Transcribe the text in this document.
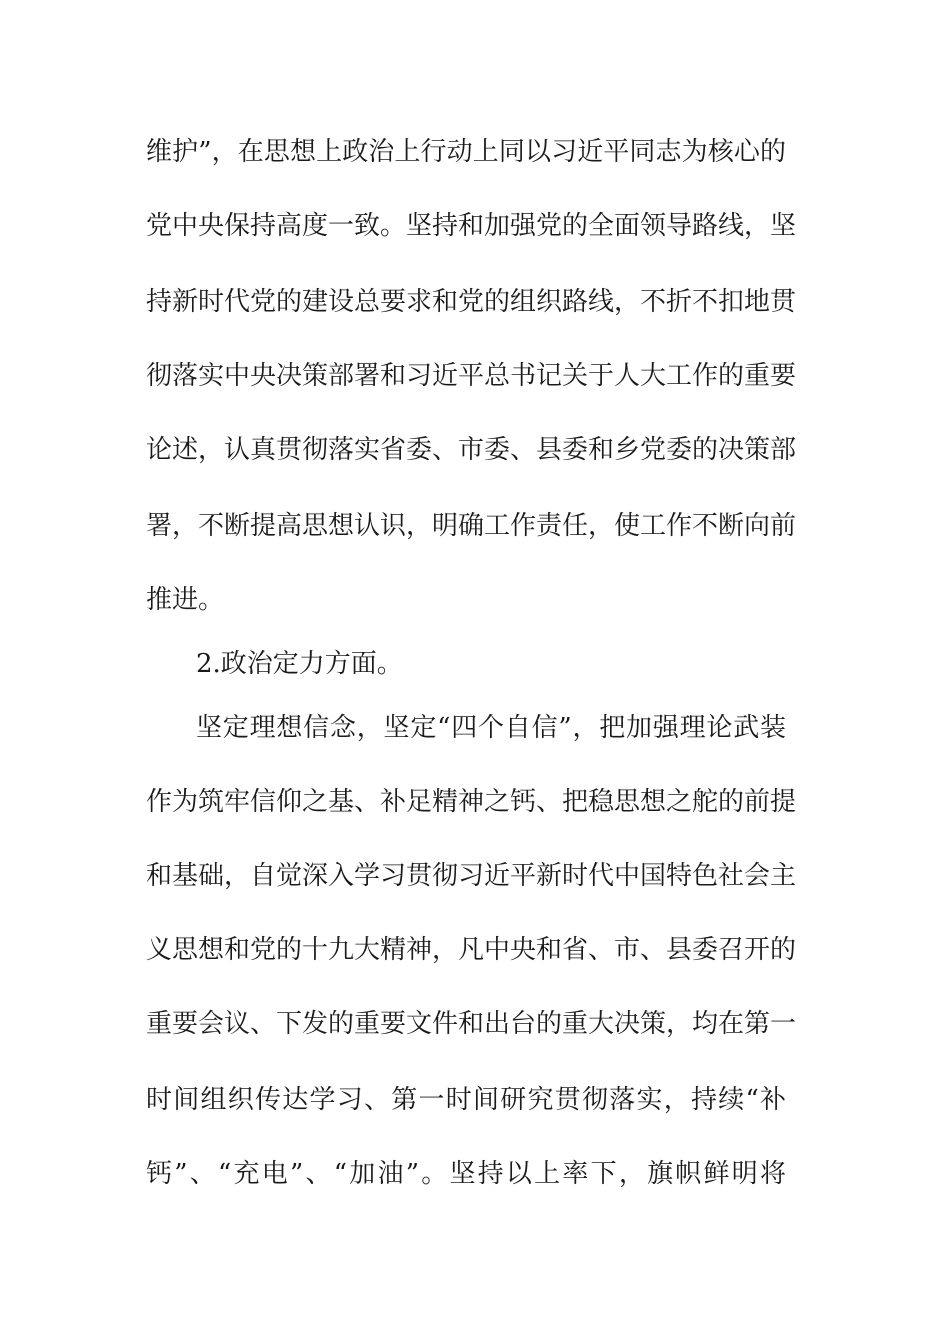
维护”，在思想上政治上行动上同以习近平同志为核心的
党中央保持高度一致。坚持和加强党的全面领导路线，坚
持新时代党的建设总要求和党的组织路线，不折不扣地贯
彻落实中央决策部署和习近平总书记关于人大工作的重要
论述，认真贯彻落实省委、市委、县委和乡党委的决策部
署，不断提高思想认识，明确工作责任，使工作不断向前
推进。
2.政治定力方面。
坚定理想信念，坚定“四个自信”，把加强理论武装
作为筑牢信仰之基、补足精神之钙、把稳思想之舵的前提
和基础，自觉深入学习贯彻习近平新时代中国特色社会主
义思想和党的十九大精神，凡中央和省、市、县委召开的
重要会议、下发的重要文件和出台的重大决策，均在第一
时间组织传达学习、第一时间研究贯彻落实，持续“补
钙”、“充电”、“加油”。坚持以上率下，旗帜鲜明将
